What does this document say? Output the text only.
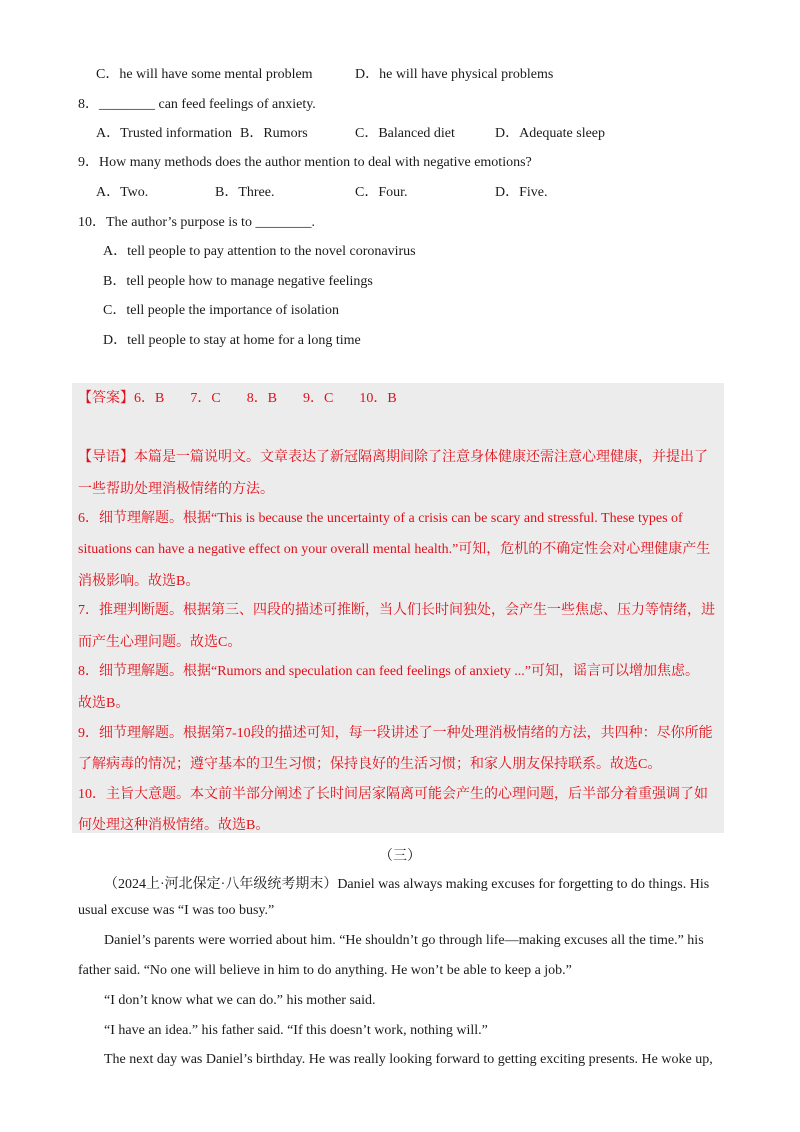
C．he will have some mental problem	D．he will have physical problems
8．________ can feed feelings of anxiety.
A．Trusted information B．Rumors	C．Balanced diet	D．Adequate sleep
9．How many methods does the author mention to deal with negative emotions?
A．Two.	B．Three.	C．Four.	D．Five.
10．The author’s purpose is to ________.
A．tell people to pay attention to the novel coronavirus
B．tell people how to manage negative feelings
C．tell people the importance of isolation
D．tell people to stay at home for a long time
【答案】6．B 7．C 8．B 9．C 10．B
【导语】本篇是一篇说明文。文章表达了新冠隔离期间除了注意身体健康还需注意心理健康，并提出了
一些帮助处理消极情绪的方法。
6．细节理解题。根据“This is because the uncertainty of a crisis can be scary and stressful. These types of
situations can have a negative effect on your overall mental health.”可知，危机的不确定性会对心理健康产生
消极影响。故选B。
7．推理判断题。根据第三、四段的描述可推断，当人们长时间独处，会产生一些焦虑、压力等情绪，进
而产生心理问题。故选C。
8．细节理解题。根据“Rumors and speculation can feed feelings of anxiety ...”可知，谣言可以增加焦虑。
故选B。
9．细节理解题。根据第7-10段的描述可知，每一段讲述了一种处理消极情绪的方法，共四种：尽你所能
了解病毒的情况；遵守基本的卫生习惯；保持良好的生活习惯；和家人朋友保持联系。故选C。
10．主旨大意题。本文前半部分阐述了长时间居家隔离可能会产生的心理问题，后半部分着重强调了如
何处理这种消极情绪。故选B。
（三）
（2024上·河北保定·八年级统考期末）Daniel was always making excuses for forgetting to do things. His
usual excuse was “I was too busy.”
Daniel’s parents were worried about him. “He shouldn’t go through life—making excuses all the time.” his
father said. “No one will believe in him to do anything. He won’t be able to keep a job.”
“I don’t know what we can do.” his mother said.
“I have an idea.” his father said. “If this doesn’t work, nothing will.”
The next day was Daniel’s birthday. He was really looking forward to getting exciting presents. He woke up,
